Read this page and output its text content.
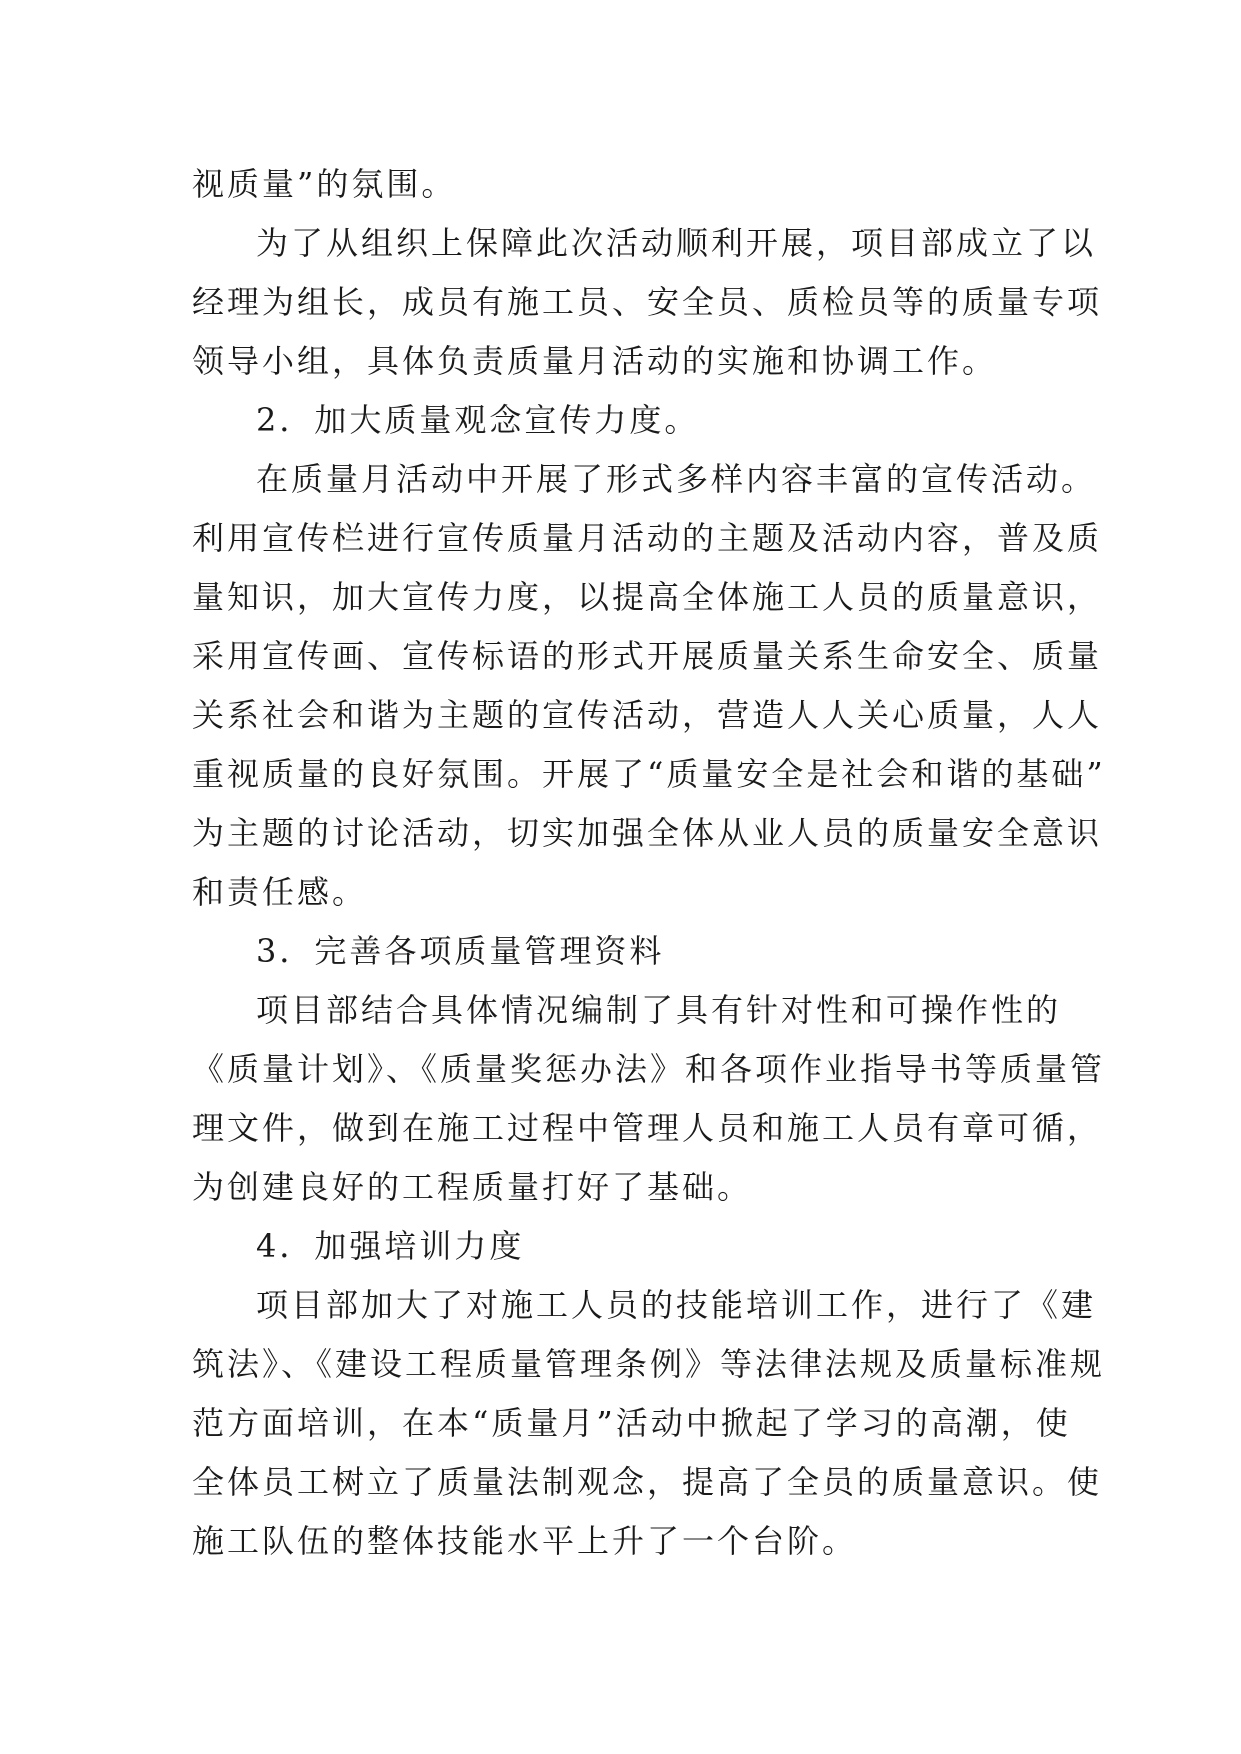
视质量”的氛围。
为了从组织上保障此次活动顺利开展，项目部成立了以
经理为组长，成员有施工员、安全员、质检员等的质量专项
领导小组，具体负责质量月活动的实施和协调工作。
2．加大质量观念宣传力度。
在质量月活动中开展了形式多样内容丰富的宣传活动。
利用宣传栏进行宣传质量月活动的主题及活动内容，普及质
量知识，加大宣传力度，以提高全体施工人员的质量意识，
采用宣传画、宣传标语的形式开展质量关系生命安全、质量
关系社会和谐为主题的宣传活动，营造人人关心质量，人人
重视质量的良好氛围。开展了“质量安全是社会和谐的基础”
为主题的讨论活动，切实加强全体从业人员的质量安全意识
和责任感。
3．完善各项质量管理资料
项目部结合具体情况编制了具有针对性和可操作性的
《质量计划》、《质量奖惩办法》和各项作业指导书等质量管
理文件，做到在施工过程中管理人员和施工人员有章可循，
为创建良好的工程质量打好了基础。
4．加强培训力度
项目部加大了对施工人员的技能培训工作，进行了《建
筑法》、《建设工程质量管理条例》等法律法规及质量标准规
范方面培训，在本“质量月”活动中掀起了学习的高潮，使
全体员工树立了质量法制观念，提高了全员的质量意识。使
施工队伍的整体技能水平上升了一个台阶。
